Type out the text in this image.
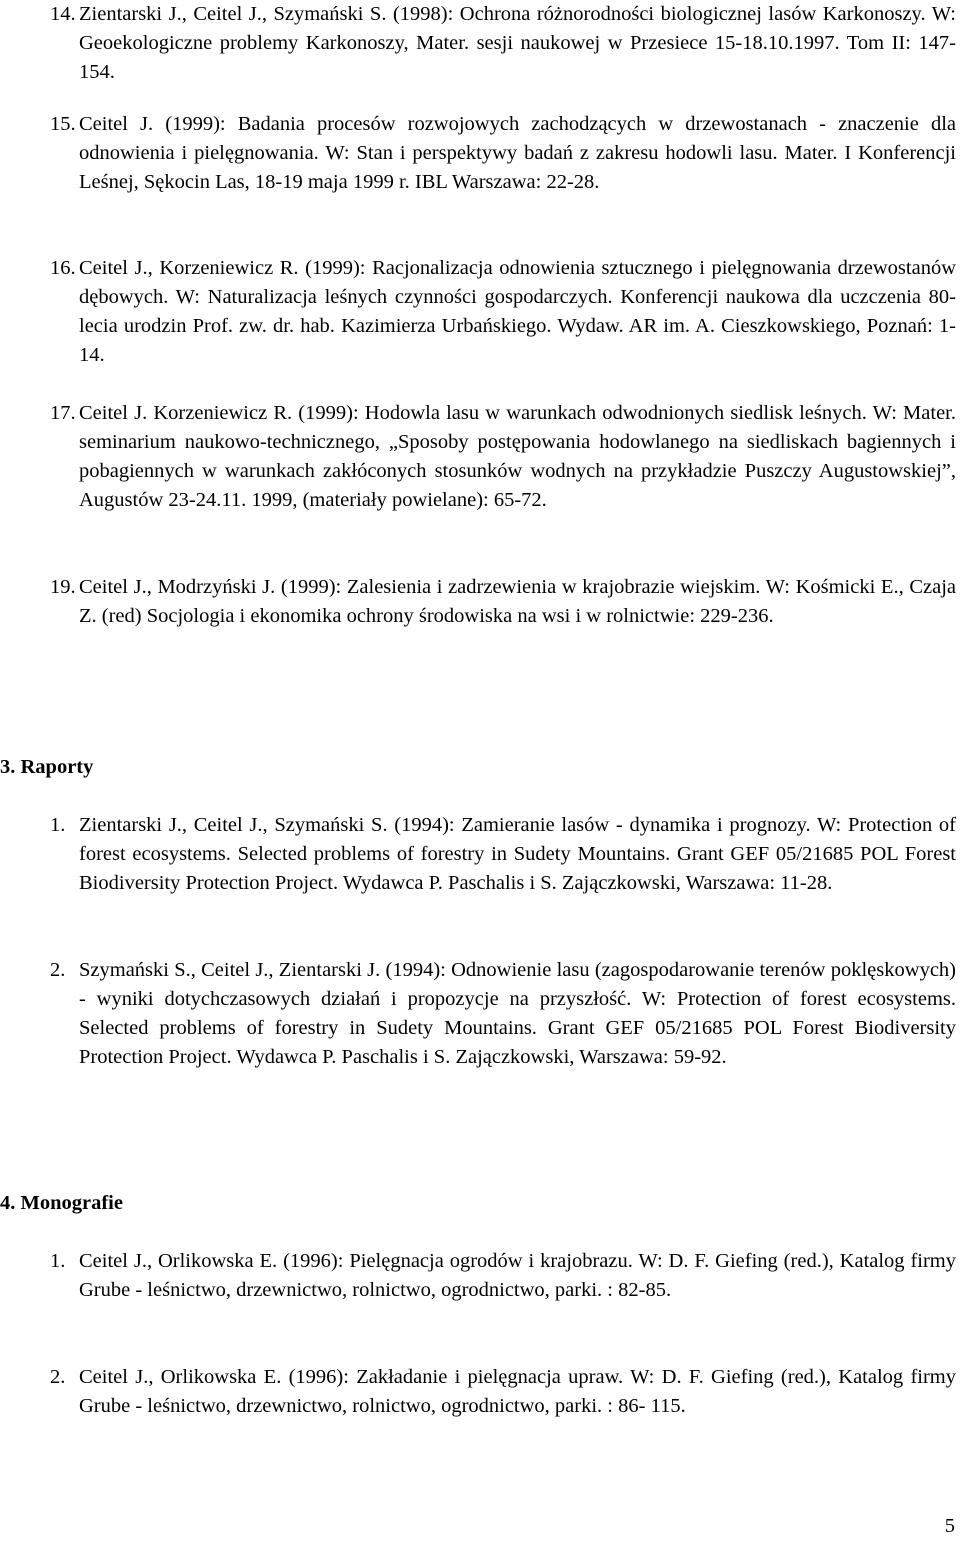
14. Zientarski J., Ceitel J., Szymański S. (1998): Ochrona różnorodności biologicznej lasów Karkonoszy. W: Geoekologiczne problemy Karkonoszy, Mater. sesji naukowej w Przesiece 15-18.10.1997. Tom II: 147-154.
15. Ceitel J. (1999): Badania procesów rozwojowych zachodzących w drzewostanach - znaczenie dla odnowienia i pielęgnowania. W: Stan i perspektywy badań z zakresu hodowli lasu. Mater. I Konferencji Leśnej, Sękocin Las, 18-19 maja 1999 r. IBL Warszawa: 22-28.
16. Ceitel J., Korzeniewicz R. (1999): Racjonalizacja odnowienia sztucznego i pielęgnowania drzewostanów dębowych. W: Naturalizacja leśnych czynności gospodarczych. Konferencji naukowa dla uczczenia 80-lecia urodzin Prof. zw. dr. hab. Kazimierza Urbańskiego. Wydaw. AR im. A. Cieszkowskiego, Poznań: 1-14.
17. Ceitel J. Korzeniewicz R. (1999): Hodowla lasu w warunkach odwodnionych siedlisk leśnych. W: Mater. seminarium naukowo-technicznego, „Sposoby postępowania hodowlanego na siedliskach bagiennych i pobagiennych w warunkach zakłóconych stosunków wodnych na przykładzie Puszczy Augustowskiej”, Augustów 23-24.11. 1999, (materiały powielane): 65-72.
19. Ceitel J., Modrzyński J. (1999): Zalesienia i zadrzewienia w krajobrazie wiejskim. W: Kośmicki E., Czaja Z. (red) Socjologia i ekonomika ochrony środowiska na wsi i w rolnictwie: 229-236.
3. Raporty
1. Zientarski J., Ceitel J., Szymański S. (1994): Zamieranie lasów - dynamika i prognozy. W: Protection of forest ecosystems. Selected problems of forestry in Sudety Mountains. Grant GEF 05/21685 POL Forest Biodiversity Protection Project. Wydawca P. Paschalis i S. Zajączkowski, Warszawa: 11-28.
2. Szymański S., Ceitel J., Zientarski J. (1994): Odnowienie lasu (zagospodarowanie terenów poklęskowych) - wyniki dotychczasowych działań i propozycje na przyszłość. W: Protection of forest ecosystems. Selected problems of forestry in Sudety Mountains. Grant GEF 05/21685 POL Forest Biodiversity Protection Project. Wydawca P. Paschalis i S. Zajączkowski, Warszawa: 59-92.
4. Monografie
1. Ceitel J., Orlikowska E. (1996): Pielęgnacja ogrodów i krajobrazu. W: D. F. Giefing (red.), Katalog firmy Grube - leśnictwo, drzewnictwo, rolnictwo, ogrodnictwo, parki. : 82-85.
2. Ceitel J., Orlikowska E. (1996): Zakładanie i pielęgnacja upraw. W: D. F. Giefing (red.), Katalog firmy Grube - leśnictwo, drzewnictwo, rolnictwo, ogrodnictwo, parki. : 86- 115.
5
